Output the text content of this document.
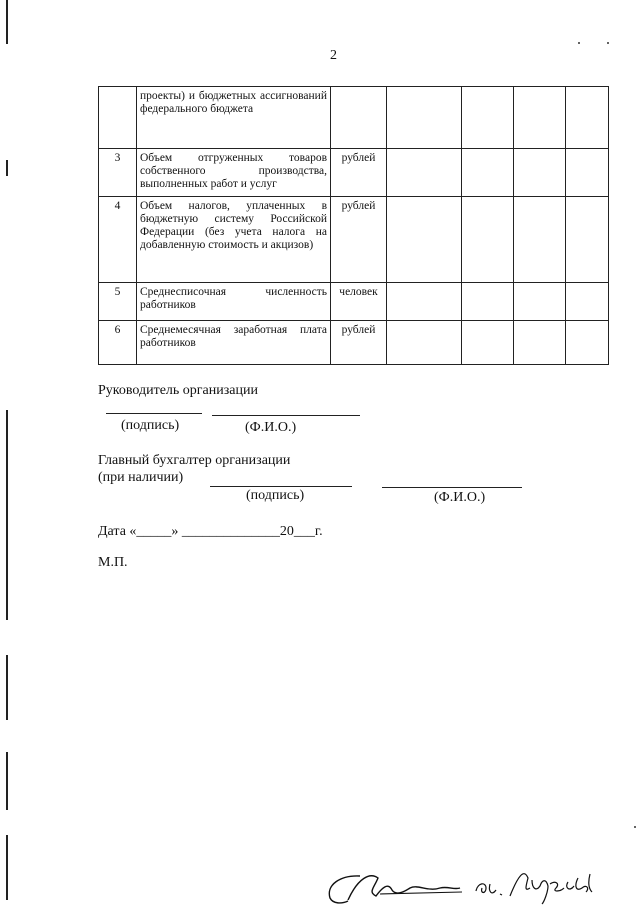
2
	проекты) и бюджетных ассигнований федерального бюджета					
3	Объем отгруженных товаров собственного производства, выполненных работ и услуг	рублей				
4	Объем налогов, уплаченных в бюджетную систему Российской Федерации (без учета налога на добавленную стоимость и акцизов)	рублей				
5	Среднесписочная численность работников	человек				
6	Среднемесячная заработная плата работников	рублей				
Руководитель организации
(подпись)	(Ф.И.О.)
Главный бухгалтер организации
(при наличии)
(подпись)	(Ф.И.О.)
Дата «_____» ______________20___г.
М.П.
